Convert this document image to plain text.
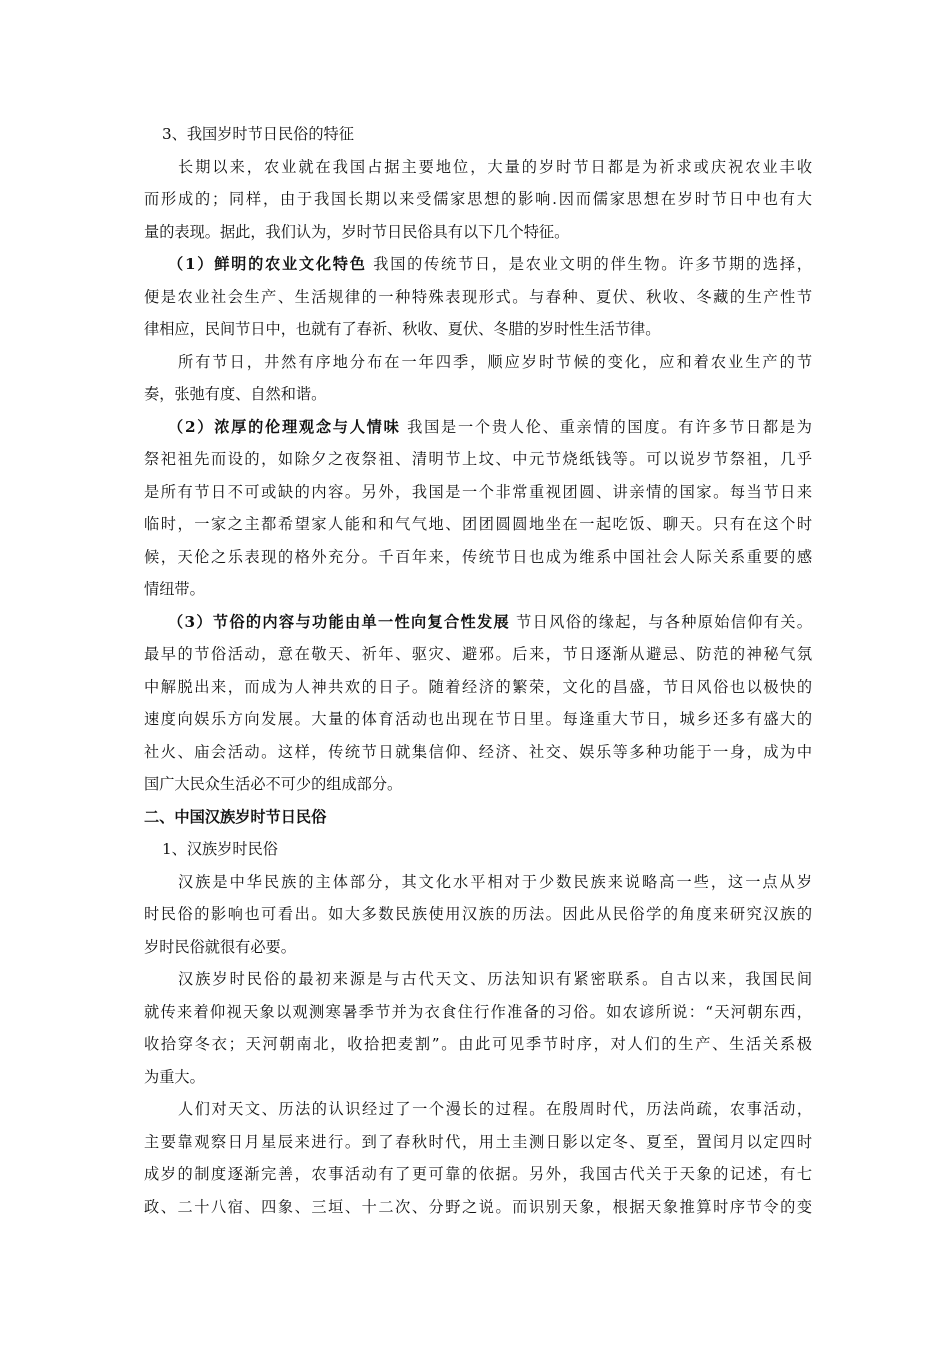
3、我国岁时节日民俗的特征
长期以来，农业就在我国占据主要地位，大量的岁时节日都是为祈求或庆祝农业丰收
而形成的；同样，由于我国长期以来受儒家思想的影响.因而儒家思想在岁时节日中也有大
量的表现。据此，我们认为，岁时节日民俗具有以下几个特征。
（1）鲜明的农业文化特色 我国的传统节日，是农业文明的伴生物。许多节期的选择，
便是农业社会生产、生活规律的一种特殊表现形式。与春种、夏伏、秋收、冬藏的生产性节
律相应，民间节日中，也就有了春祈、秋收、夏伏、冬腊的岁时性生活节律。
所有节日，井然有序地分布在一年四季，顺应岁时节候的变化，应和着农业生产的节
奏，张弛有度、自然和谐。
（2）浓厚的伦理观念与人情味 我国是一个贵人伦、重亲情的国度。有许多节日都是为
祭祀祖先而设的，如除夕之夜祭祖、清明节上坟、中元节烧纸钱等。可以说岁节祭祖，几乎
是所有节日不可或缺的内容。另外，我国是一个非常重视团圆、讲亲情的国家。每当节日来
临时，一家之主都希望家人能和和气气地、团团圆圆地坐在一起吃饭、聊天。只有在这个时
候，天伦之乐表现的格外充分。千百年来，传统节日也成为维系中国社会人际关系重要的感
情纽带。
（3）节俗的内容与功能由单一性向复合性发展 节日风俗的缘起，与各种原始信仰有关。
最早的节俗活动，意在敬天、祈年、驱灾、避邪。后来，节日逐渐从避忌、防范的神秘气氛
中解脱出来，而成为人神共欢的日子。随着经济的繁荣，文化的昌盛，节日风俗也以极快的
速度向娱乐方向发展。大量的体育活动也出现在节日里。每逢重大节日，城乡还多有盛大的
社火、庙会活动。这样，传统节日就集信仰、经济、社交、娱乐等多种功能于一身，成为中
国广大民众生活必不可少的组成部分。
二、中国汉族岁时节日民俗
1、汉族岁时民俗
汉族是中华民族的主体部分，其文化水平相对于少数民族来说略高一些，这一点从岁
时民俗的影响也可看出。如大多数民族使用汉族的历法。因此从民俗学的角度来研究汉族的
岁时民俗就很有必要。
汉族岁时民俗的最初来源是与古代天文、历法知识有紧密联系。自古以来，我国民间
就传来着仰视天象以观测寒暑季节并为衣食住行作准备的习俗。如农谚所说：“天河朝东西，
收拾穿冬衣；天河朝南北，收拾把麦割”。由此可见季节时序，对人们的生产、生活关系极
为重大。
人们对天文、历法的认识经过了一个漫长的过程。在殷周时代，历法尚疏，农事活动，
主要靠观察日月星辰来进行。到了春秋时代，用土圭测日影以定冬、夏至，置闰月以定四时
成岁的制度逐渐完善，农事活动有了更可靠的依据。另外，我国古代关于天象的记述，有七
政、二十八宿、四象、三垣、十二次、分野之说。而识别天象，根据天象推算时序节令的变
